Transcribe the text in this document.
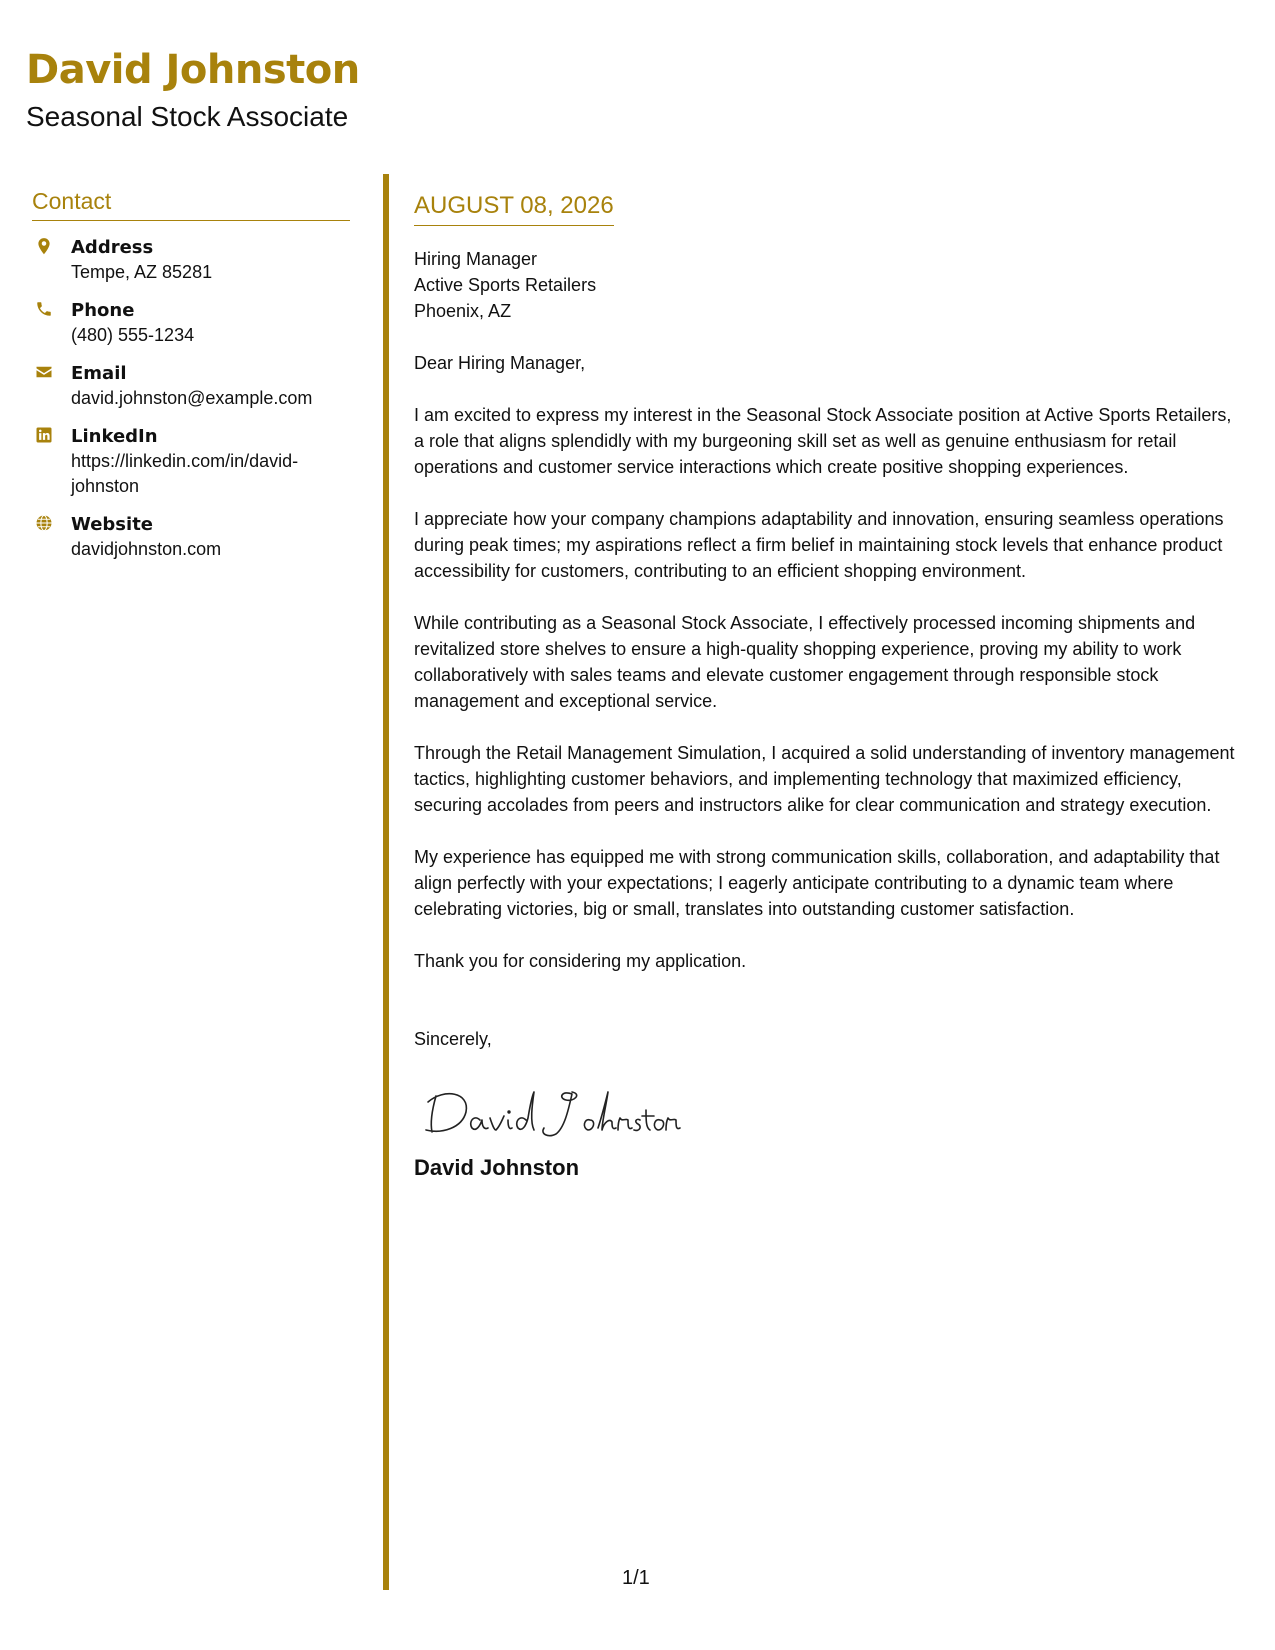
David Johnston
Seasonal Stock Associate
Contact
Address
Tempe, AZ 85281
Phone
(480) 555-1234
Email
david.johnston@example.com
LinkedIn
https://linkedin.com/in/david-johnston
Website
davidjohnston.com
AUGUST 08, 2026
Hiring Manager
Active Sports Retailers
Phoenix, AZ
Dear Hiring Manager,

I am excited to express my interest in the Seasonal Stock Associate position at Active Sports Retailers, a role that aligns splendidly with my burgeoning skill set as well as genuine enthusiasm for retail operations and customer service interactions which create positive shopping experiences.

I appreciate how your company champions adaptability and innovation, ensuring seamless operations during peak times; my aspirations reflect a firm belief in maintaining stock levels that enhance product accessibility for customers, contributing to an efficient shopping environment.

While contributing as a Seasonal Stock Associate, I effectively processed incoming shipments and revitalized store shelves to ensure a high-quality shopping experience, proving my ability to work collaboratively with sales teams and elevate customer engagement through responsible stock management and exceptional service.

Through the Retail Management Simulation, I acquired a solid understanding of inventory management tactics, highlighting customer behaviors, and implementing technology that maximized efficiency, securing accolades from peers and instructors alike for clear communication and strategy execution.

My experience has equipped me with strong communication skills, collaboration, and adaptability that align perfectly with your expectations; I eagerly anticipate contributing to a dynamic team where celebrating victories, big or small, translates into outstanding customer satisfaction.

Thank you for considering my application.

Sincerely,
David Johnston
1/1
